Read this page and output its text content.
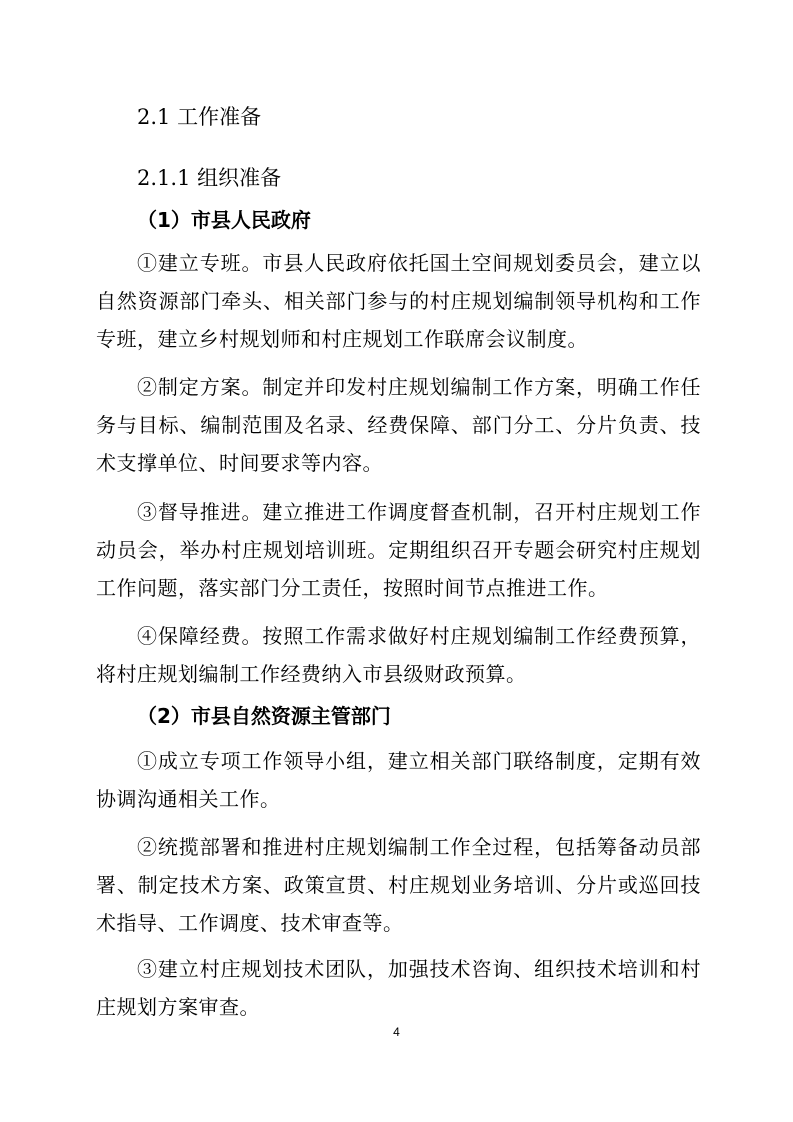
2.1 工作准备
2.1.1 组织准备
（1）市县人民政府
①建立专班。市县人民政府依托国土空间规划委员会，建立以自然资源部门牵头、相关部门参与的村庄规划编制领导机构和工作专班，建立乡村规划师和村庄规划工作联席会议制度。
②制定方案。制定并印发村庄规划编制工作方案，明确工作任务与目标、编制范围及名录、经费保障、部门分工、分片负责、技术支撑单位、时间要求等内容。
③督导推进。建立推进工作调度督查机制，召开村庄规划工作动员会，举办村庄规划培训班。定期组织召开专题会研究村庄规划工作问题，落实部门分工责任，按照时间节点推进工作。
④保障经费。按照工作需求做好村庄规划编制工作经费预算，将村庄规划编制工作经费纳入市县级财政预算。
（2）市县自然资源主管部门
①成立专项工作领导小组，建立相关部门联络制度，定期有效协调沟通相关工作。
②统揽部署和推进村庄规划编制工作全过程，包括筹备动员部署、制定技术方案、政策宣贯、村庄规划业务培训、分片或巡回技术指导、工作调度、技术审查等。
③建立村庄规划技术团队，加强技术咨询、组织技术培训和村庄规划方案审查。
4
